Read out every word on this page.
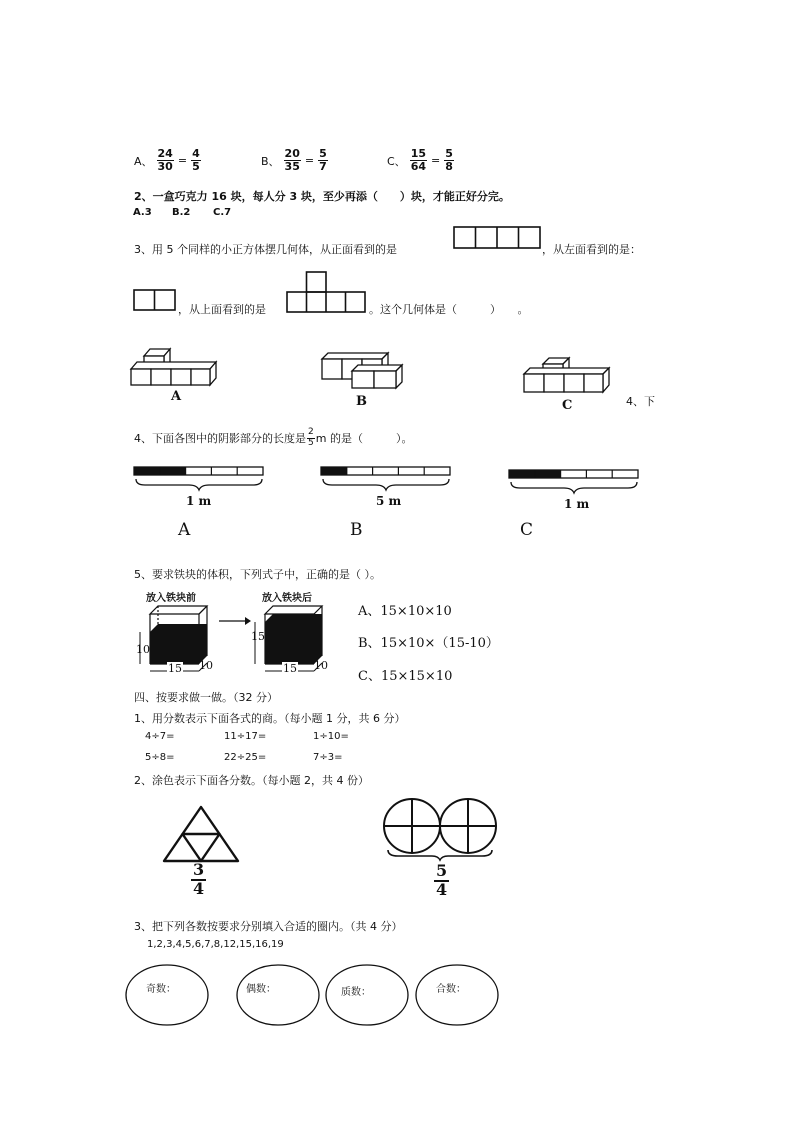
A、 $\frac{24}{30} = \frac{4}{5}$	B、 $\frac{20}{35} = \frac{5}{7}$	C、 $\frac{15}{64} = \frac{5}{8}$
2、一盒巧克力 16 块，每人分 3 块，至少再添（　　）块，才能正好分完。
A.3 B.2 C.7
3、用 5 个同样的小正方体摆几何体，从正面看到的是	，从左面看到的是：
，从上面看到的是	。这个几何体是（　　　）　　。
A	B	C	4、下
4、下面各图中的阴影部分的长度是 $\frac{2}{5}$ m 的是（　　　）。
1 m
A
5 m
B
1 m
C
5、要求铁块的体积，下列式子中，正确的是（ ）。
放入铁块前	放入铁块后
10
15 10
15
15 10
A、15×10×10
B、15×10×（15-10）
C、15×15×10
四、按要求做一做。（32 分）
1、用分数表示下面各式的商。（每小题 1 分，共 6 分）
4÷7=	11÷17=	1÷10=
5÷8=	22÷25=	7÷3=
2、涂色表示下面各分数。（每小题 2，共 4 份）
$\frac{3}{4}$	$\frac{5}{4}$
3、把下列各数按要求分别填入合适的圈内。（共 4 分）
1,2,3,4,5,6,7,8,12,15,16,19
奇数：	偶数：	质数：	合数：
